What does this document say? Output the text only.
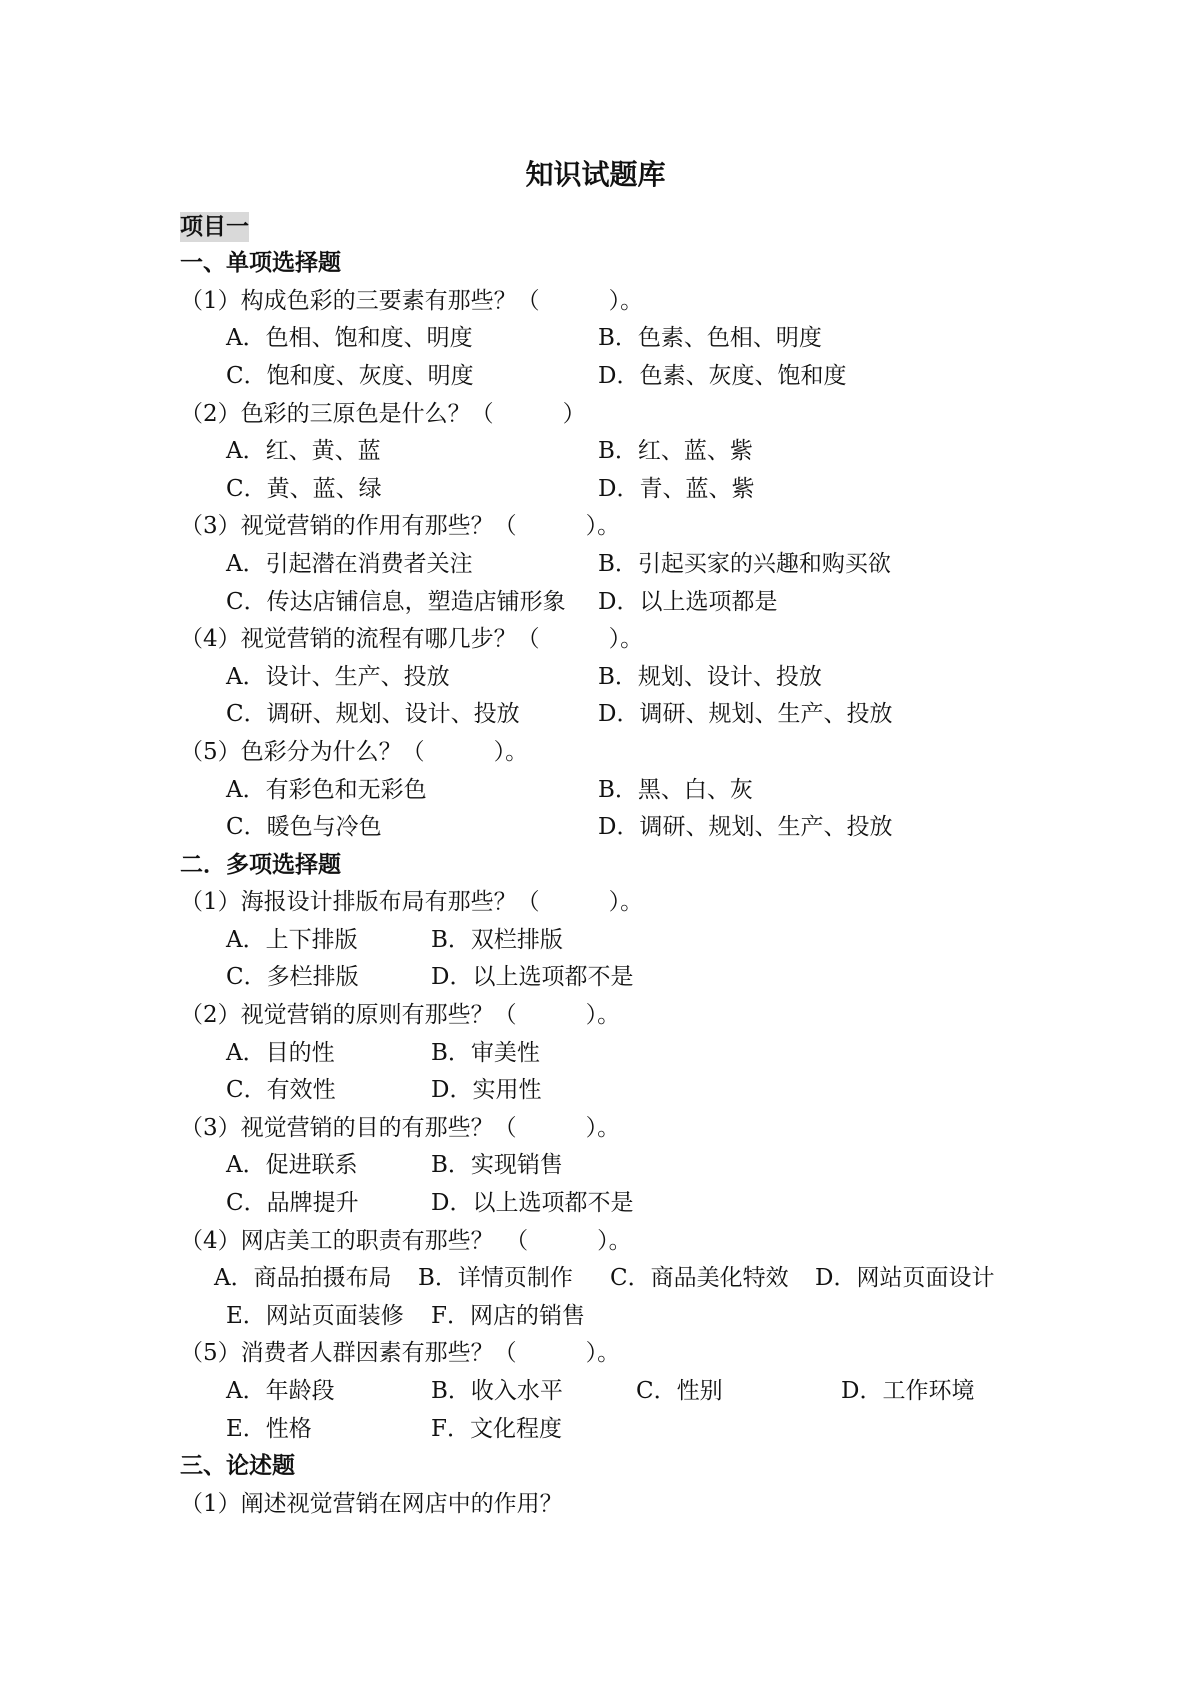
知识试题库
项目一
一、单项选择题
（1）构成色彩的三要素有那些？（　　　）。
A．色相、饱和度、明度	B．色素、色相、明度
C．饱和度、灰度、明度	D．色素、灰度、饱和度
（2）色彩的三原色是什么？（　　　）
A．红、黄、蓝	B．红、蓝、紫
C．黄、蓝、绿	D．青、蓝、紫
（3）视觉营销的作用有那些？（　　　）。
A．引起潜在消费者关注	B．引起买家的兴趣和购买欲
C．传达店铺信息，塑造店铺形象 D．以上选项都是
（4）视觉营销的流程有哪几步？（　　　）。
A．设计、生产、投放	B．规划、设计、投放
C．调研、规划、设计、投放	D．调研、规划、生产、投放
（5）色彩分为什么？（　　　）。
A．有彩色和无彩色	B．黑、白、灰
C．暖色与冷色	D．调研、规划、生产、投放
二．多项选择题
（1）海报设计排版布局有那些？（　　　）。
A．上下排版	B．双栏排版
C．多栏排版	D．以上选项都不是
（2）视觉营销的原则有那些？（　　　）。
A．目的性	B．审美性
C．有效性	D．实用性
（3）视觉营销的目的有那些？（　　　）。
A．促进联系	B．实现销售
C．品牌提升	D．以上选项都不是
（4）网店美工的职责有那些？　（　　　）。
A．商品拍摄布局 B．详情页制作 C．商品美化特效 D．网站页面设计
E．网站页面装修 F．网店的销售
（5）消费者人群因素有那些？（　　　）。
A．年龄段	B．收入水平	C．性别	D．工作环境
E．性格	F．文化程度
三、论述题
（1）阐述视觉营销在网店中的作用？
